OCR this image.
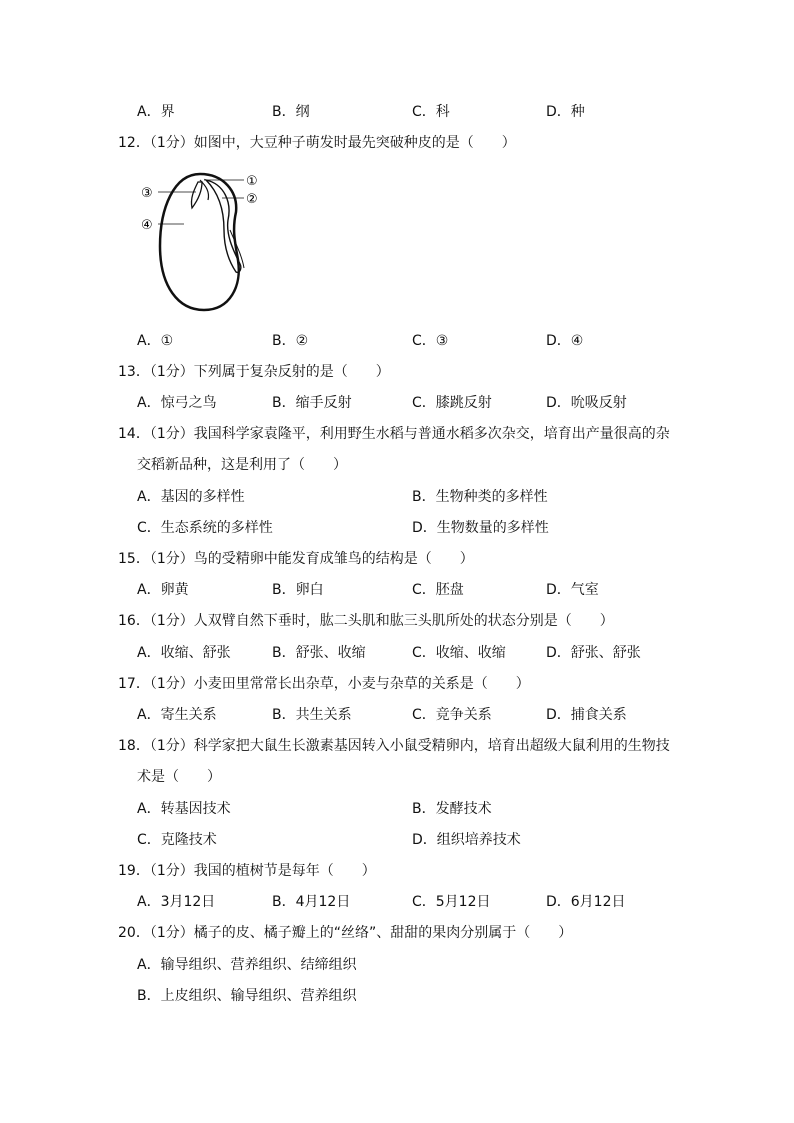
A．界	B．纲	C．科	D．种
12．（1分）如图中，大豆种子萌发时最先突破种皮的是（　　）
①
②
③
④
A．①	B．②	C．③	D．④
13．（1分）下列属于复杂反射的是（　　）
A．惊弓之鸟	B．缩手反射	C．膝跳反射	D．吮吸反射
14．（1分）我国科学家袁隆平，利用野生水稻与普通水稻多次杂交，培育出产量很高的杂
交稻新品种，这是利用了（　　）
A．基因的多样性	B．生物种类的多样性
C．生态系统的多样性	D．生物数量的多样性
15．（1分）鸟的受精卵中能发育成雏鸟的结构是（　　）
A．卵黄	B．卵白	C．胚盘	D．气室
16．（1分）人双臂自然下垂时，肱二头肌和肱三头肌所处的状态分别是（　　）
A．收缩、舒张	B．舒张、收缩	C．收缩、收缩	D．舒张、舒张
17．（1分）小麦田里常常长出杂草，小麦与杂草的关系是（　　）
A．寄生关系	B．共生关系	C．竞争关系	D．捕食关系
18．（1分）科学家把大鼠生长激素基因转入小鼠受精卵内，培育出超级大鼠利用的生物技
术是（　　）
A．转基因技术	B．发酵技术
C．克隆技术	D．组织培养技术
19．（1分）我国的植树节是每年（　　）
A．3月12日	B．4月12日	C．5月12日	D．6月12日
20．（1分）橘子的皮、橘子瓣上的“丝络”、甜甜的果肉分别属于（　　）
A．输导组织、营养组织、结缔组织
B．上皮组织、输导组织、营养组织
